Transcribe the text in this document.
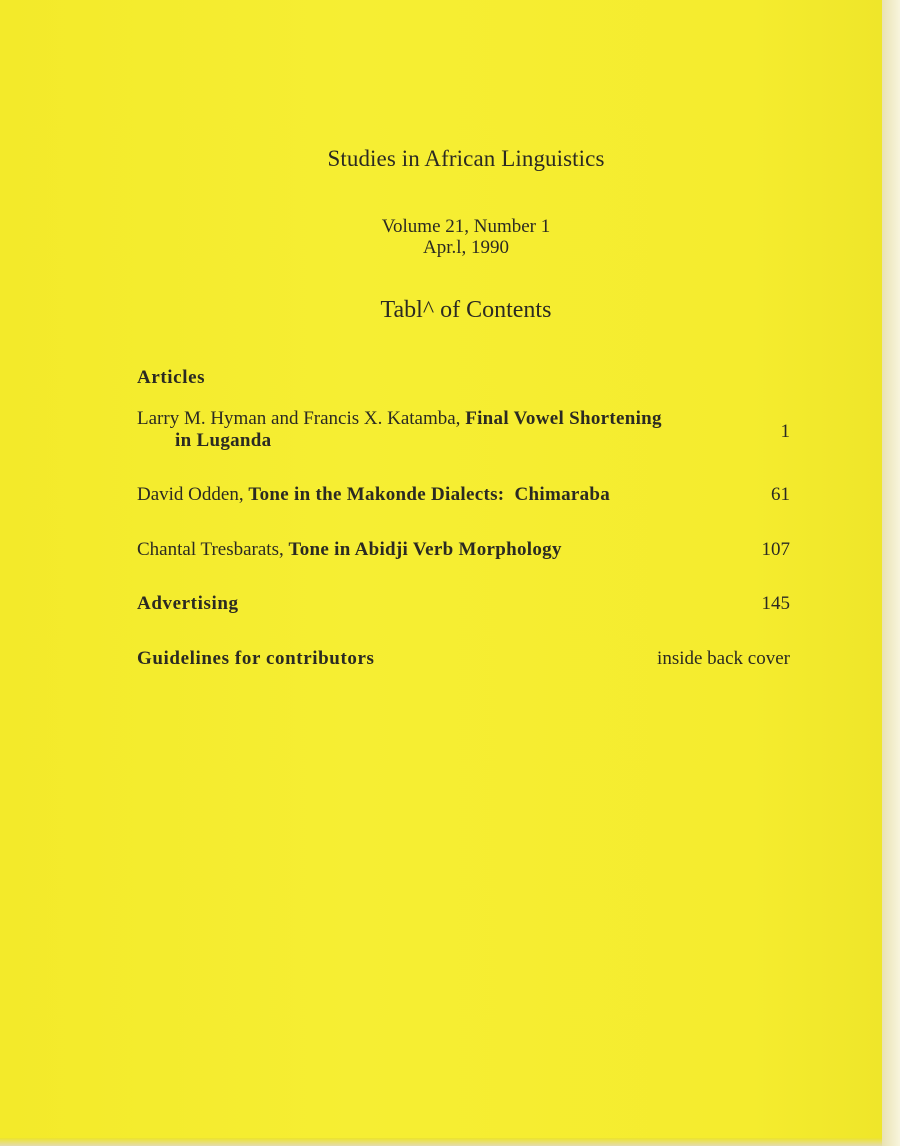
Studies in African Linguistics
Volume 21, Number 1
Apr.l, 1990
Tabl^ of Contents
Articles
Larry M. Hyman and Francis X. Katamba, Final Vowel Shortening
in Luganda	1
David Odden, Tone in the Makonde Dialects:  Chimaraba	61
Chantal Tresbarats, Tone in Abidji Verb Morphology	107
Advertising	145
Guidelines for contributors	inside back cover
